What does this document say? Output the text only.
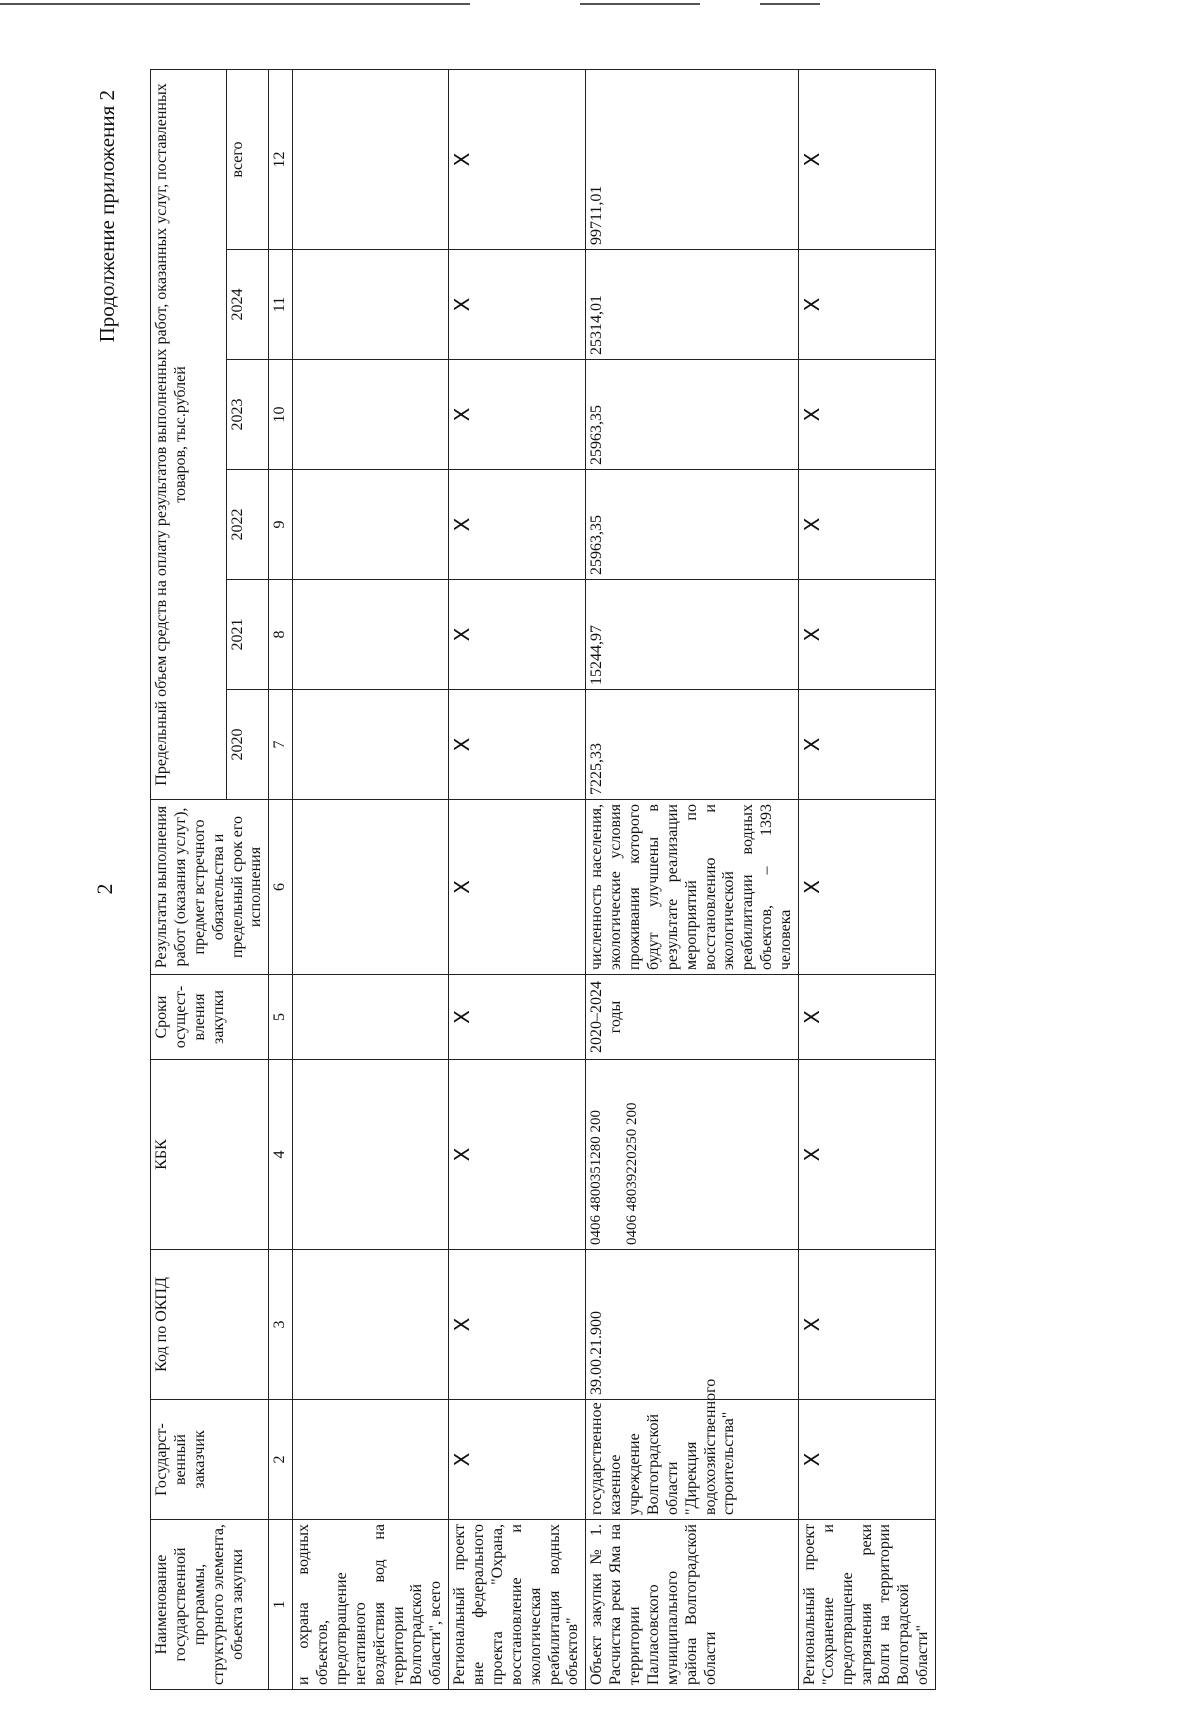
2
Продолжение приложения 2
Наименование государственной программы, структурного элемента, объекта закупки	Государст-венный заказчик	Код по ОКПД	КБК	Сроки осущест-вления закупки	Результаты выполнения работ (оказания услуг), предмет встречного обязательства и предельный срок его исполнения	Предельный объем средств на оплату результатов выполненных работ, оказанных услуг, поставленных товаров, тыс.рублей					
						2020	2021	2022	2023	2024	всего
1	2	3	4	5	6	7	8	9	10	11	12
и охрана водных объектов, предотвращение негативного воздействия вод на территории Волгоградской области", всего											
Региональный проект вне федерального проекта "Охрана, восстановление и экологическая реабилитация водных объектов"	X	X	X	X	X	X	X	X	X	X	X
Объект закупки № 1. Расчистка реки Яма на территории Палласовского муниципального района Волгоградской области	государственное казенное учреждение Волгоградской области "Дирекция водохозяйственного строительства"	39.00.21.900	0406 4800351280 200 0406 48039220250 200	2020–2024 годы	численность населения, экологические условия проживания которого будут улучшены в результате реализации мероприятий по восстановлению и экологической реабилитации водных объектов, – 1393 человека	7225,33	15244,97	25963,35	25963,35	25314,01	99711,01
Региональный проект "Сохранение и предотвращение загрязнения реки Волги на территории Волгоградской области"	X	X	X	X	X	X	X	X	X	X	X
